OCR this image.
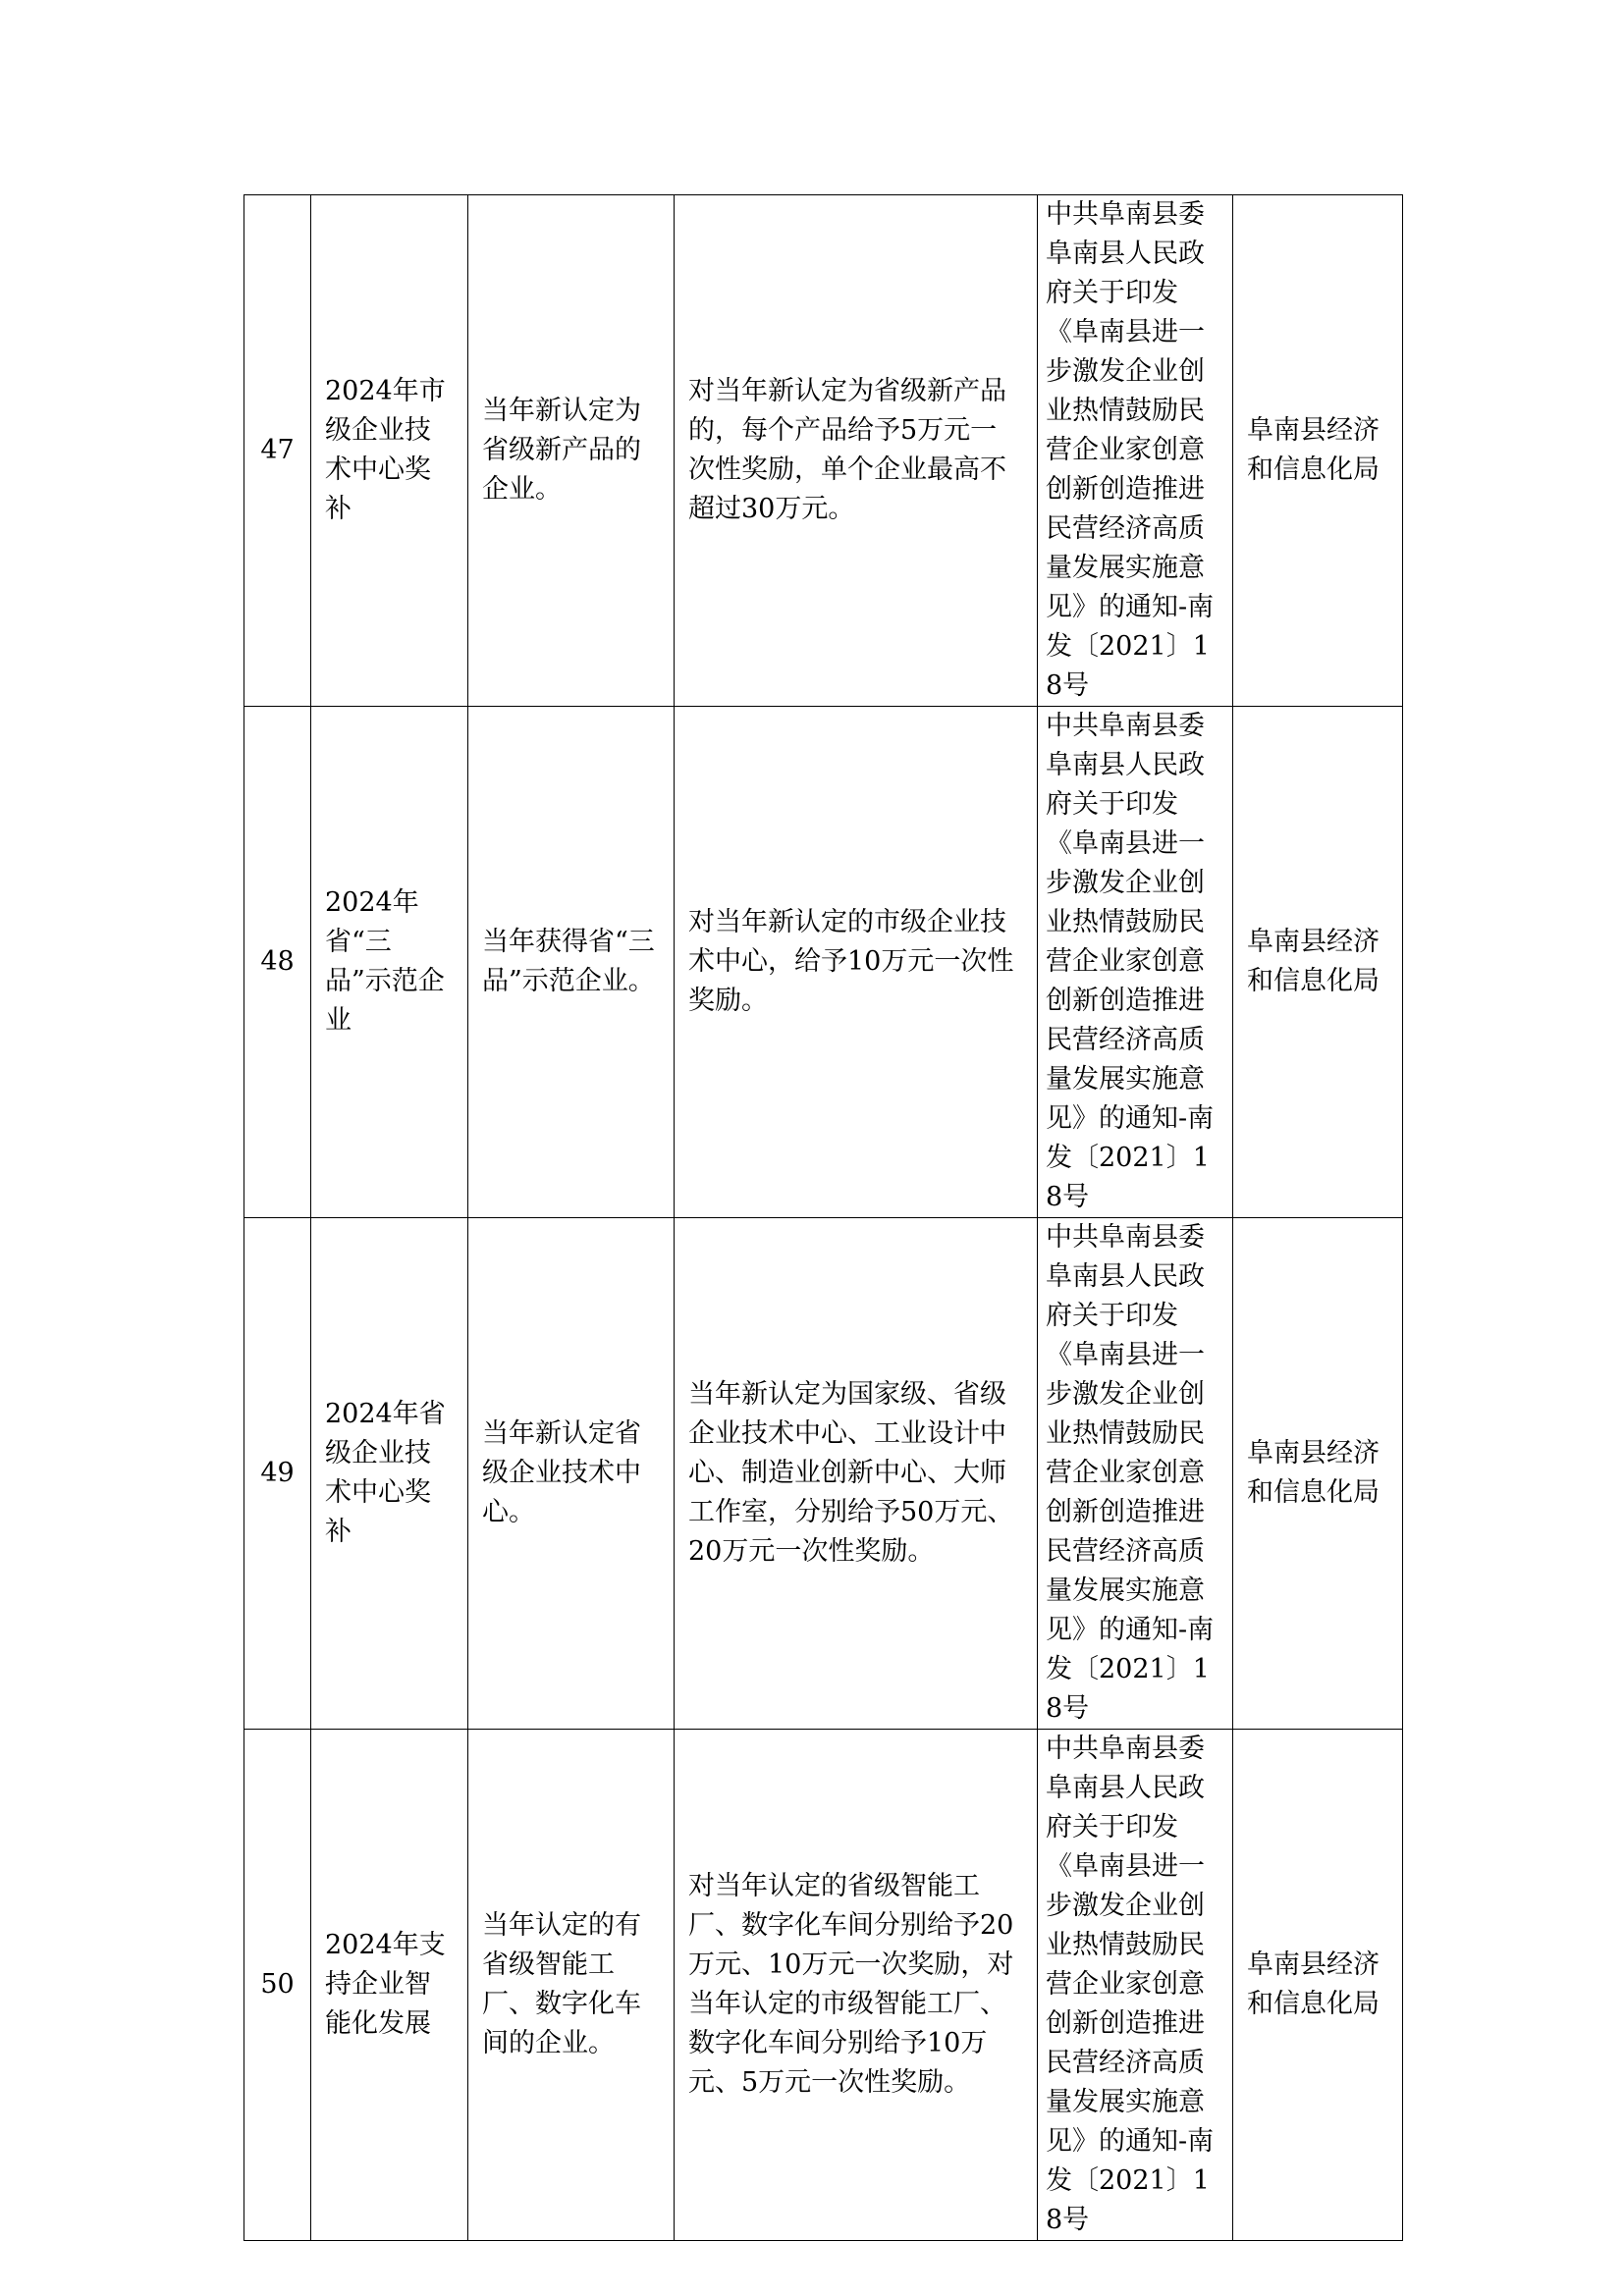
47	2024年市级企业技术中心奖补	当年新认定为省级新产品的企业。	对当年新认定为省级新产品的，每个产品给予5万元一次性奖励，单个企业最高不超过30万元。	中共阜南县委阜南县人民政府关于印发《阜南县进一步激发企业创业热情鼓励民营企业家创意创新创造推进民营经济高质量发展实施意见》的通知-南发〔2021〕18号	阜南县经济和信息化局
48	2024年省“三品”示范企业	当年获得省“三品”示范企业。	对当年新认定的市级企业技术中心，给予10万元一次性奖励。	中共阜南县委阜南县人民政府关于印发《阜南县进一步激发企业创业热情鼓励民营企业家创意创新创造推进民营经济高质量发展实施意见》的通知-南发〔2021〕18号	阜南县经济和信息化局
49	2024年省级企业技术中心奖补	当年新认定省级企业技术中心。	当年新认定为国家级、省级企业技术中心、工业设计中心、制造业创新中心、大师工作室，分别给予50万元、20万元一次性奖励。	中共阜南县委阜南县人民政府关于印发《阜南县进一步激发企业创业热情鼓励民营企业家创意创新创造推进民营经济高质量发展实施意见》的通知-南发〔2021〕18号	阜南县经济和信息化局
50	2024年支持企业智能化发展	当年认定的有省级智能工厂、数字化车间的企业。	对当年认定的省级智能工厂、数字化车间分别给予20万元、10万元一次奖励，对当年认定的市级智能工厂、数字化车间分别给予10万元、5万元一次性奖励。	中共阜南县委阜南县人民政府关于印发《阜南县进一步激发企业创业热情鼓励民营企业家创意创新创造推进民营经济高质量发展实施意见》的通知-南发〔2021〕18号	阜南县经济和信息化局
